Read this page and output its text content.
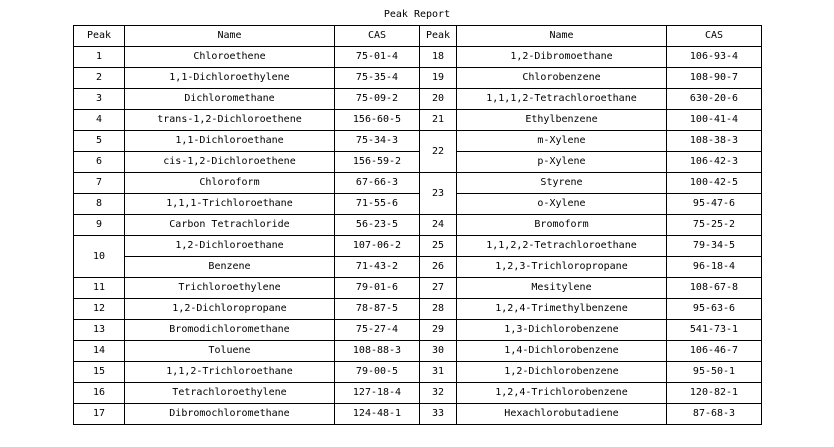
Peak Report
Peak	Name	CAS	Peak	Name	CAS
1	Chloroethene	75-01-4	18	1,2-Dibromoethane	106-93-4
2	1,1-Dichloroethylene	75-35-4	19	Chlorobenzene	108-90-7
3	Dichloromethane	75-09-2	20	1,1,1,2-Tetrachloroethane	630-20-6
4	trans-1,2-Dichloroethene	156-60-5	21	Ethylbenzene	100-41-4
5	1,1-Dichloroethane	75-34-3	22	m-Xylene	108-38-3
6	cis-1,2-Dichloroethene	156-59-2		p-Xylene	106-42-3
7	Chloroform	67-66-3	23	Styrene	100-42-5
8	1,1,1-Trichloroethane	71-55-6		o-Xylene	95-47-6
9	Carbon Tetrachloride	56-23-5	24	Bromoform	75-25-2
10	1,2-Dichloroethane	107-06-2	25	1,1,2,2-Tetrachloroethane	79-34-5
	Benzene	71-43-2	26	1,2,3-Trichloropropane	96-18-4
11	Trichloroethylene	79-01-6	27	Mesitylene	108-67-8
12	1,2-Dichloropropane	78-87-5	28	1,2,4-Trimethylbenzene	95-63-6
13	Bromodichloromethane	75-27-4	29	1,3-Dichlorobenzene	541-73-1
14	Toluene	108-88-3	30	1,4-Dichlorobenzene	106-46-7
15	1,1,2-Trichloroethane	79-00-5	31	1,2-Dichlorobenzene	95-50-1
16	Tetrachloroethylene	127-18-4	32	1,2,4-Trichlorobenzene	120-82-1
17	Dibromochloromethane	124-48-1	33	Hexachlorobutadiene	87-68-3
